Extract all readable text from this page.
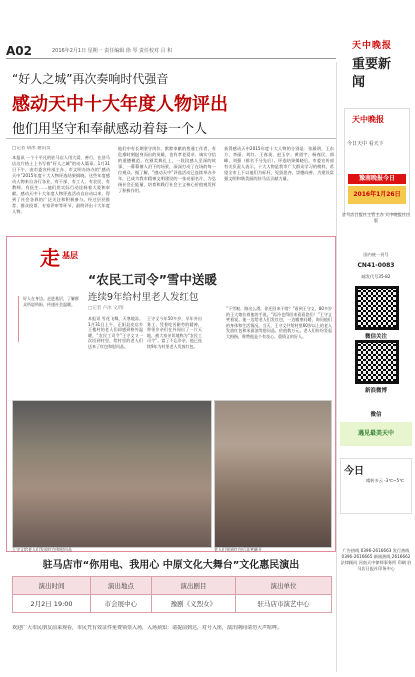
A02	2016年2月1日 星期一 责任编辑 徐 琴 责任校对 吕 积	天中晚报
重要新闻
“好人之城”再次奏响时代强音
感动天中十大年度人物评出
他们用坚守和奉献感动着每一个人
□记者 胡冰 通讯员
本报讯 一个个平凡的驻马店人用大爱、善行，在驻马店这片热土上书写着“好人之城”的动人篇章。1月31日下午，由市委宣传部主办、市文明办协办的“感动天中”2015年度十大人物评选结果揭晓。这些年度感动人物来自各行各业，有干部、有工人、有农民、有教师、有医生……他们用实际行动诠释着大爱和奉献。感动天中十大年度人物评选活动自启动以来，得到了社会各界的广泛关注和积极参与。经过层层推荐、群众投票、专家评审等环节，最终评出十大年度人物。
他们中有长期坚守岗位、默默奉献的普通工作者，有危难时刻挺身而出的英雄，也有孝老爱亲、诚实守信的道德模范。在颁奖典礼上，一段段感人至深的故事、一幕幕催人泪下的场景，深深打动了在场的每一位观众。据了解，“感动天中”评选活动已连续举办多年，已成为我市精神文明建设的一张亮丽名片，为弘扬社会正能量、培育和践行社会主义核心价值观发挥了积极作用。
获得感动天中2015年度十大人物的分别是：张殿明、王东方、李丽、刘红、王春英、赵玉亭、黄道宇、杨春民、郭峰、刘强（排名不分先后）。评选结果揭晓后，市委宣传部有关负责人表示，十大人物是我市广大群众学习的榜样，希望全市上下以他们为标杆，见贤思齐，崇德向善，为建设富强文明和谐美丽的驻马店贡献力量。
走 基层
好人在身边。走进基层，了解群众所思所盼，传递社会温暖。
“农民工司令”雪中送暖
连续9年给村里老人发红包
□记者 卢冰 文/图
本报讯 雪花飞舞，天寒地冻。1月31日上午，正阳县皮店乡王楼村的老人们却感到格外温暖，“农民工司令”王守义又一次回到村里，给村里的老人们送来了红包和慰问品。
王守义今年50多岁，早年外出务工，凭着吃苦耐劳的精神，带领乡亲们在外闯出了一片天地，被大家亲切地称为“农民工司令”。富了不忘乡亲，他已连续9年为村里老人发放红包。
“下雪啦，路这么滑，你还回来干啥？”看到王守义，80多岁的王大娘拉着他的手说。“再冷也得回来看看您们！”王守义笑着说。他一边给老人们发红包，一边嘘寒问暖，询问他们的身体和生活情况。当天，王守义共给村里60岁以上的老人发放红包和米面油等慰问品，价值数万元。老人们纷纷竖起大拇指，称赞他是个有良心、重情义的好人。
王守义给老人们发放红包和慰问品	老人们领到红包后喜笑颜开
驻马店市“你用电、我用心 中原文化大舞台”文化惠民演出
演出时间	演出地点	演出剧目	演出单位
2月2日 19:00	市会展中心	豫剧《义烈女》	驻马店市演艺中心
欢迎广大市民朋友前来观看，市民凭有效证件免费领票入场，入场须知：请提前到达，对号入座，演出期间请勿大声喧哗。
天中晚报
今日天中 看天下
豫南晚报今日
2016年1月26日
驻马店日报社主管主办 天中晚报社出版
国内统一刊号
CN41-0083
邮发代号35-82
微信关注
新浪微博
微信
遇见最美天中
今日
晴转多云 -3℃~5℃
广告热线 0396-2616663 发行热线 0396-2616665 新闻热线 2616662 法律顾问 河南天中律师事务所 印刷 驻马店日报社印务中心
